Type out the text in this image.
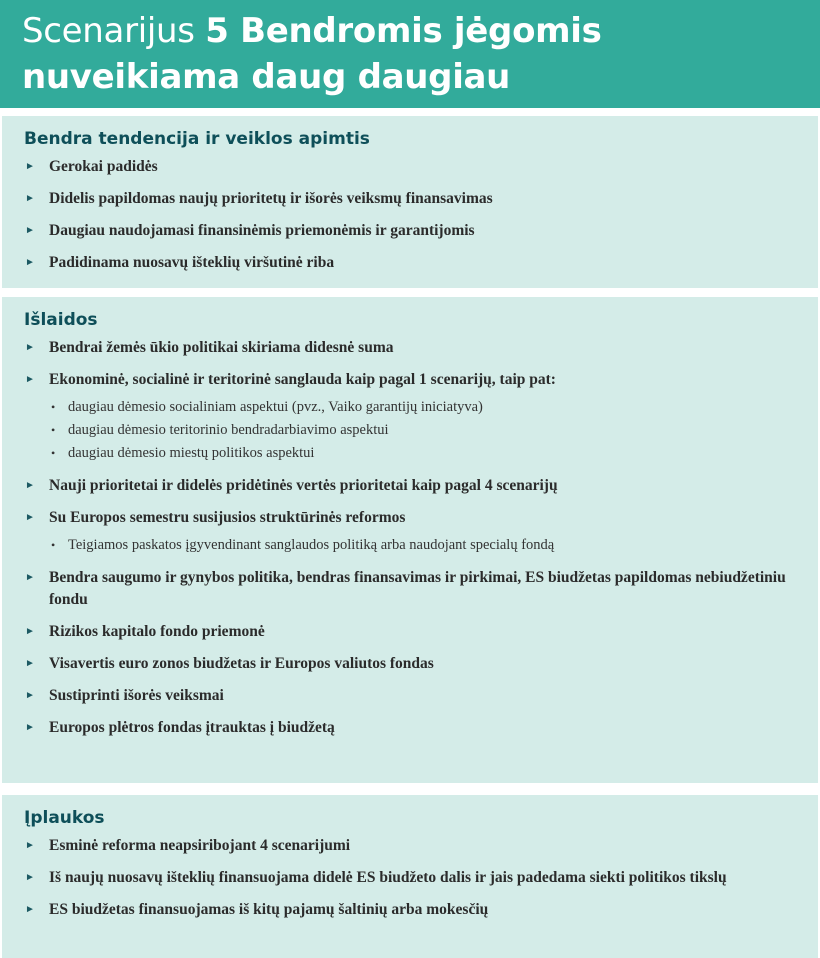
Scenarijus 5 Bendromis jėgomis
nuveikiama daug daugiau
Bendra tendencija ir veiklos apimtis
► Gerokai padidės
► Didelis papildomas naujų prioritetų ir išorės veiksmų finansavimas
► Daugiau naudojamasi finansinėmis priemonėmis ir garantijomis
► Padidinama nuosavų išteklių viršutinė riba
Išlaidos
► Bendrai žemės ūkio politikai skiriama didesnė suma
► Ekonominė, socialinė ir teritorinė sanglauda kaip pagal 1 scenarijų, taip pat:
• daugiau dėmesio socialiniam aspektui (pvz., Vaiko garantijų iniciatyva)
• daugiau dėmesio teritorinio bendradarbiavimo aspektui
• daugiau dėmesio miestų politikos aspektui
► Nauji prioritetai ir didelės pridėtinės vertės prioritetai kaip pagal 4 scenarijų
► Su Europos semestru susijusios struktūrinės reformos
• Teigiamos paskatos įgyvendinant sanglaudos politiką arba naudojant specialų fondą
► Bendra saugumo ir gynybos politika, bendras finansavimas ir pirkimai, ES biudžetas papildomas nebiudžetiniu fondu
► Rizikos kapitalo fondo priemonė
► Visavertis euro zonos biudžetas ir Europos valiutos fondas
► Sustiprinti išorės veiksmai
► Europos plėtros fondas įtrauktas į biudžetą
Įplaukos
► Esminė reforma neapsiribojant 4 scenarijumi
► Iš naujų nuosavų išteklių finansuojama didelė ES biudžeto dalis ir jais padedama siekti politikos tikslų
► ES biudžetas finansuojamas iš kitų pajamų šaltinių arba mokesčių
